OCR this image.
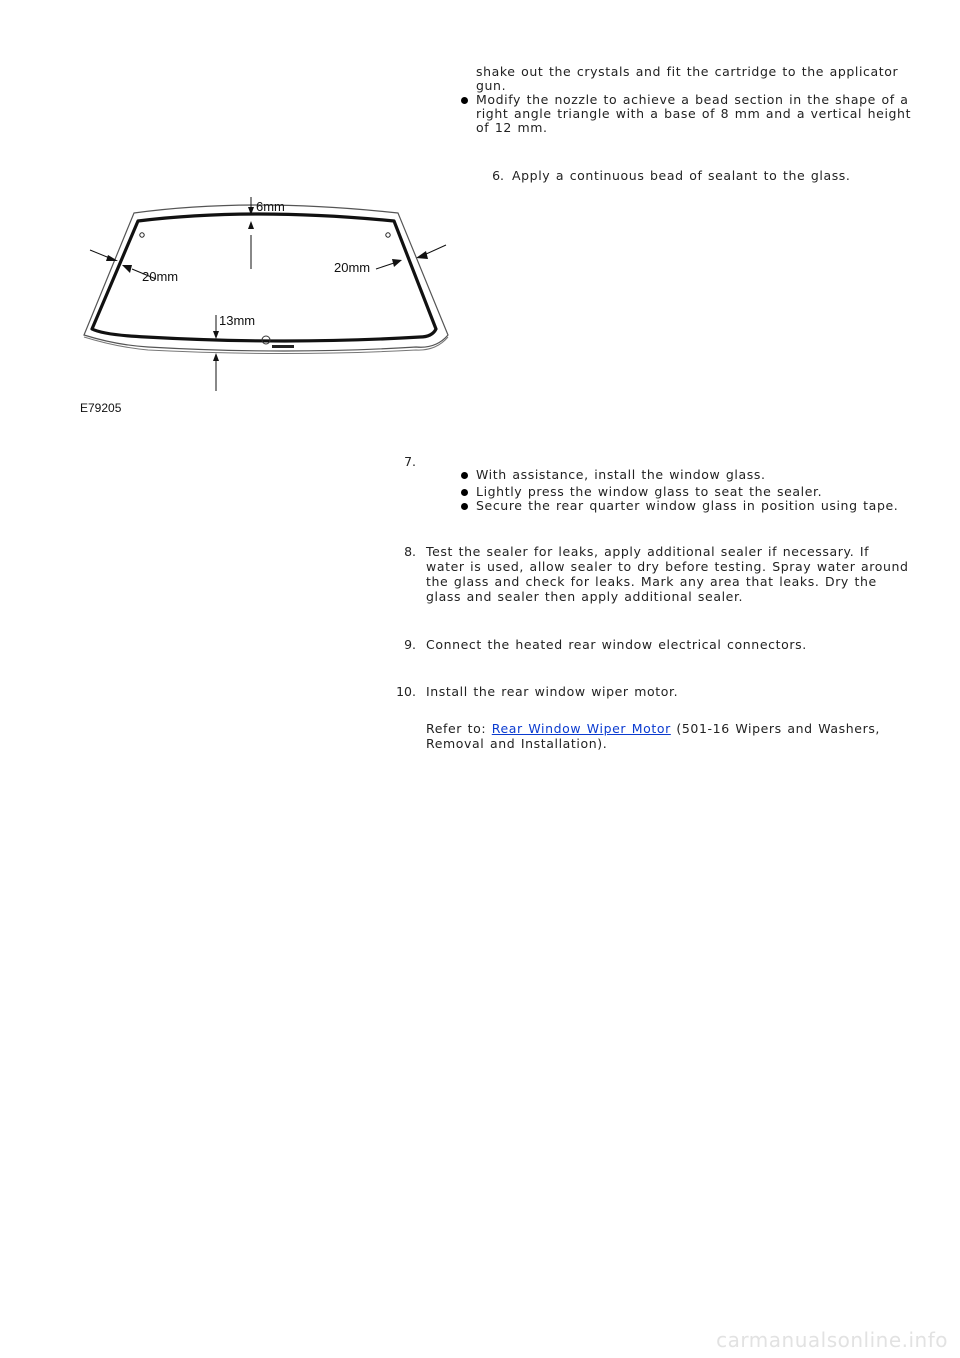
shake out the crystals and fit the cartridge to the applicator
gun.
Modify the nozzle to achieve a bead section in the shape of a
right angle triangle with a base of 8 mm and a vertical height
of 12 mm.
6. Apply a continuous bead of sealant to the glass.
6mm
20mm
20mm
13mm
E79205
7.
With assistance, install the window glass.
Lightly press the window glass to seat the sealer.
Secure the rear quarter window glass in position using tape.
8. Test the sealer for leaks, apply additional sealer if necessary. If
water is used, allow sealer to dry before testing. Spray water around
the glass and check for leaks. Mark any area that leaks. Dry the
glass and sealer then apply additional sealer.
9. Connect the heated rear window electrical connectors.
10. Install the rear window wiper motor.
Refer to: Rear Window Wiper Motor (501-16 Wipers and Washers,
Removal and Installation).
carmanualsonline.info
